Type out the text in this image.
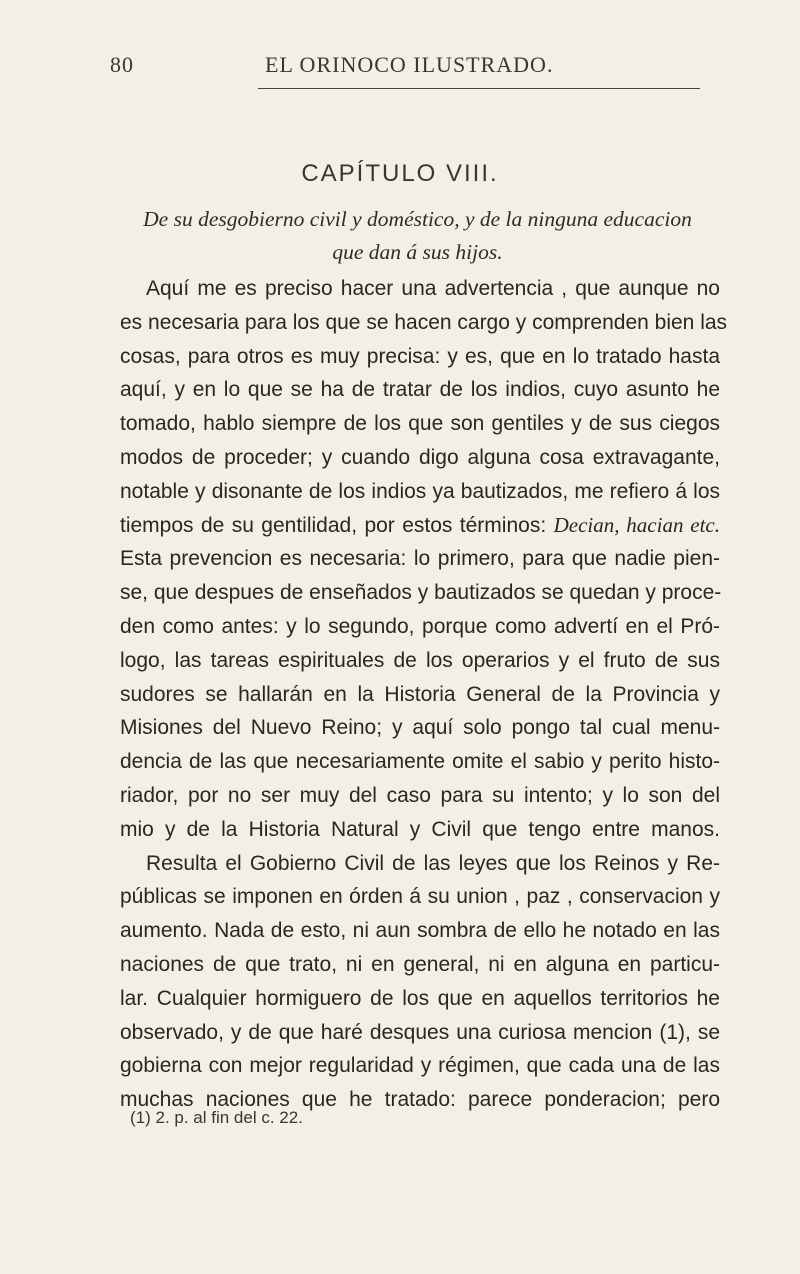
80	EL ORINOCO ILUSTRADO.
CAPÍTULO VIII.
De su desgobierno civil y doméstico, y de la ninguna educacion
que dan á sus hijos.
Aquí me es preciso hacer una advertencia , que aunque no
es necesaria para los que se hacen cargo y comprenden bien las
cosas, para otros es muy precisa: y es, que en lo tratado hasta
aquí, y en lo que se ha de tratar de los indios, cuyo asunto he
tomado, hablo siempre de los que son gentiles y de sus ciegos
modos de proceder; y cuando digo alguna cosa extravagante,
notable y disonante de los indios ya bautizados, me refiero á los
tiempos de su gentilidad, por estos términos: Decian, hacian etc.
Esta prevencion es necesaria: lo primero, para que nadie pien-
se, que despues de enseñados y bautizados se quedan y proce-
den como antes: y lo segundo, porque como advertí en el Pró-
logo, las tareas espirituales de los operarios y el fruto de sus
sudores se hallarán en la Historia General de la Provincia y
Misiones del Nuevo Reino; y aquí solo pongo tal cual menu-
dencia de las que necesariamente omite el sabio y perito histo-
riador, por no ser muy del caso para su intento; y lo son del
mio y de la Historia Natural y Civil que tengo entre manos.
Resulta el Gobierno Civil de las leyes que los Reinos y Re-
públicas se imponen en órden á su union , paz , conservacion y
aumento. Nada de esto, ni aun sombra de ello he notado en las
naciones de que trato, ni en general, ni en alguna en particu-
lar. Cualquier hormiguero de los que en aquellos territorios he
observado, y de que haré desques una curiosa mencion (1), se
gobierna con mejor regularidad y régimen, que cada una de las
muchas naciones que he tratado: parece ponderacion; pero
(1) 2. p. al fin del c. 22.
